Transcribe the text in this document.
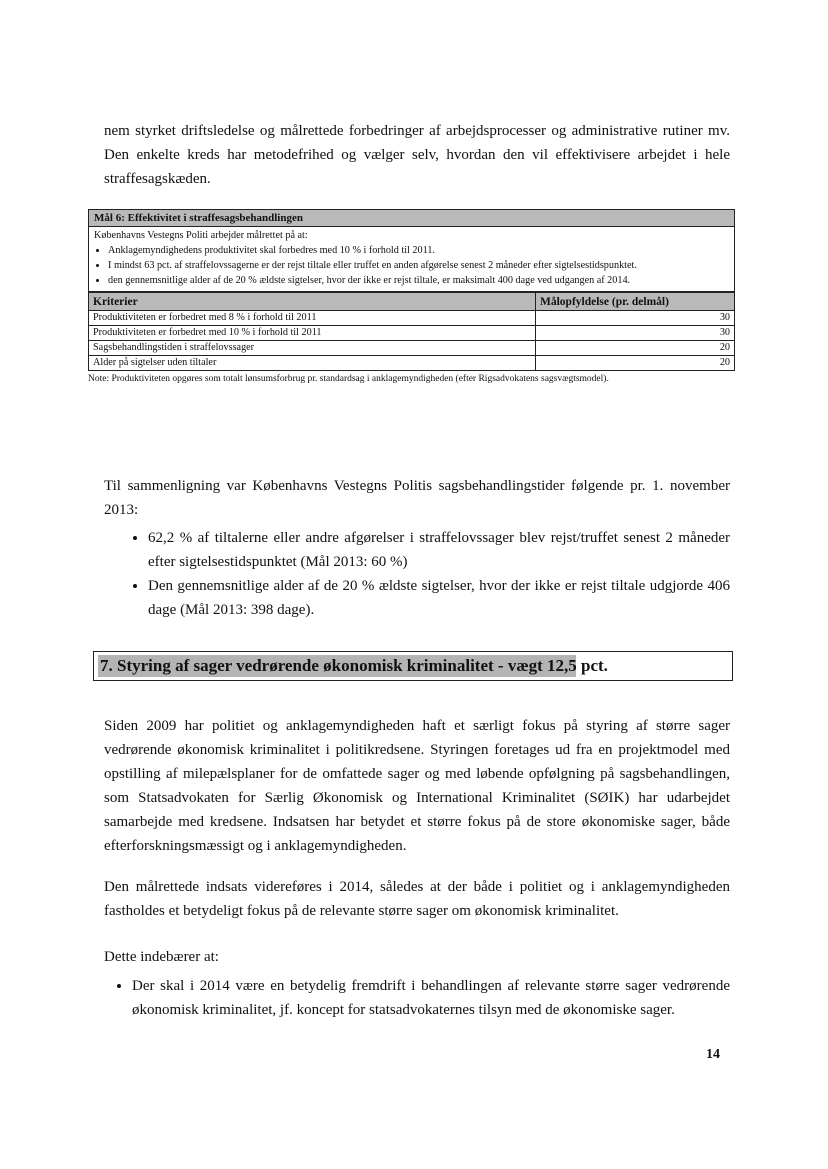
nem styrket driftsledelse og målrettede forbedringer af arbejdsprocesser og administrative rutiner mv. Den enkelte kreds har metodefrihed og vælger selv, hvordan den vil effektivisere arbejdet i hele straffesagskæden.

Mål 6: Effektivitet i straffesagsbehandlingen
Københavns Vestegns Politi arbejder målrettet på at:
• Anklagemyndighedens produktivitet skal forbedres med 10 % i forhold til 2011.
• I mindst 63 pct. af straffelovssagerne er der rejst tiltale eller truffet en anden afgørelse senest 2 måneder efter sigtelsestidspunktet.
• den gennemsnitlige alder af de 20 % ældste sigtelser, hvor der ikke er rejst tiltale, er maksimalt 400 dage ved udgangen af 2014.
Kriterier	Målopfyldelse (pr. delmål)
Produktiviteten er forbedret med 8 % i forhold til 2011	30
Produktiviteten er forbedret med 10 % i forhold til 2011	30
Sagsbehandlingstiden i straffelovssager	20
Alder på sigtelser uden tiltaler	20
Note: Produktiviteten opgøres som totalt lønsumsforbrug pr. standardsag i anklagemyndigheden (efter Rigsadvokatens sagsvægtsmodel).

Til sammenligning var Københavns Vestegns Politis sagsbehandlingstider følgende pr. 1. november 2013:

• 62,2 % af tiltalerne eller andre afgørelser i straffelovssager blev rejst/truffet senest 2 måneder efter sigtelsestidspunktet (Mål 2013: 60 %)
• Den gennemsnitlige alder af de 20 % ældste sigtelser, hvor der ikke er rejst tiltale udgjorde 406 dage (Mål 2013: 398 dage).
7. Styring af sager vedrørende økonomisk kriminalitet - vægt 12,5 pct.

Siden 2009 har politiet og anklagemyndigheden haft et særligt fokus på styring af større sager vedrørende økonomisk kriminalitet i politikredsene. Styringen foretages ud fra en projektmodel med opstilling af milepælsplaner for de omfattede sager og med løbende opfølgning på sagsbehandlingen, som Statsadvokaten for Særlig Økonomisk og International Kriminalitet (SØIK) har udarbejdet samarbejde med kredsene. Indsatsen har betydet et større fokus på de store økonomiske sager, både efterforskningsmæssigt og i anklagemyndigheden.

Den målrettede indsats videreføres i 2014, således at der både i politiet og i anklagemyndigheden fastholdes et betydeligt fokus på de relevante større sager om økonomisk kriminalitet.

Dette indebærer at:

• Der skal i 2014 være en betydelig fremdrift i behandlingen af relevante større sager vedrørende økonomisk kriminalitet, jf. koncept for statsadvokaternes tilsyn med de økonomiske sager.
14
